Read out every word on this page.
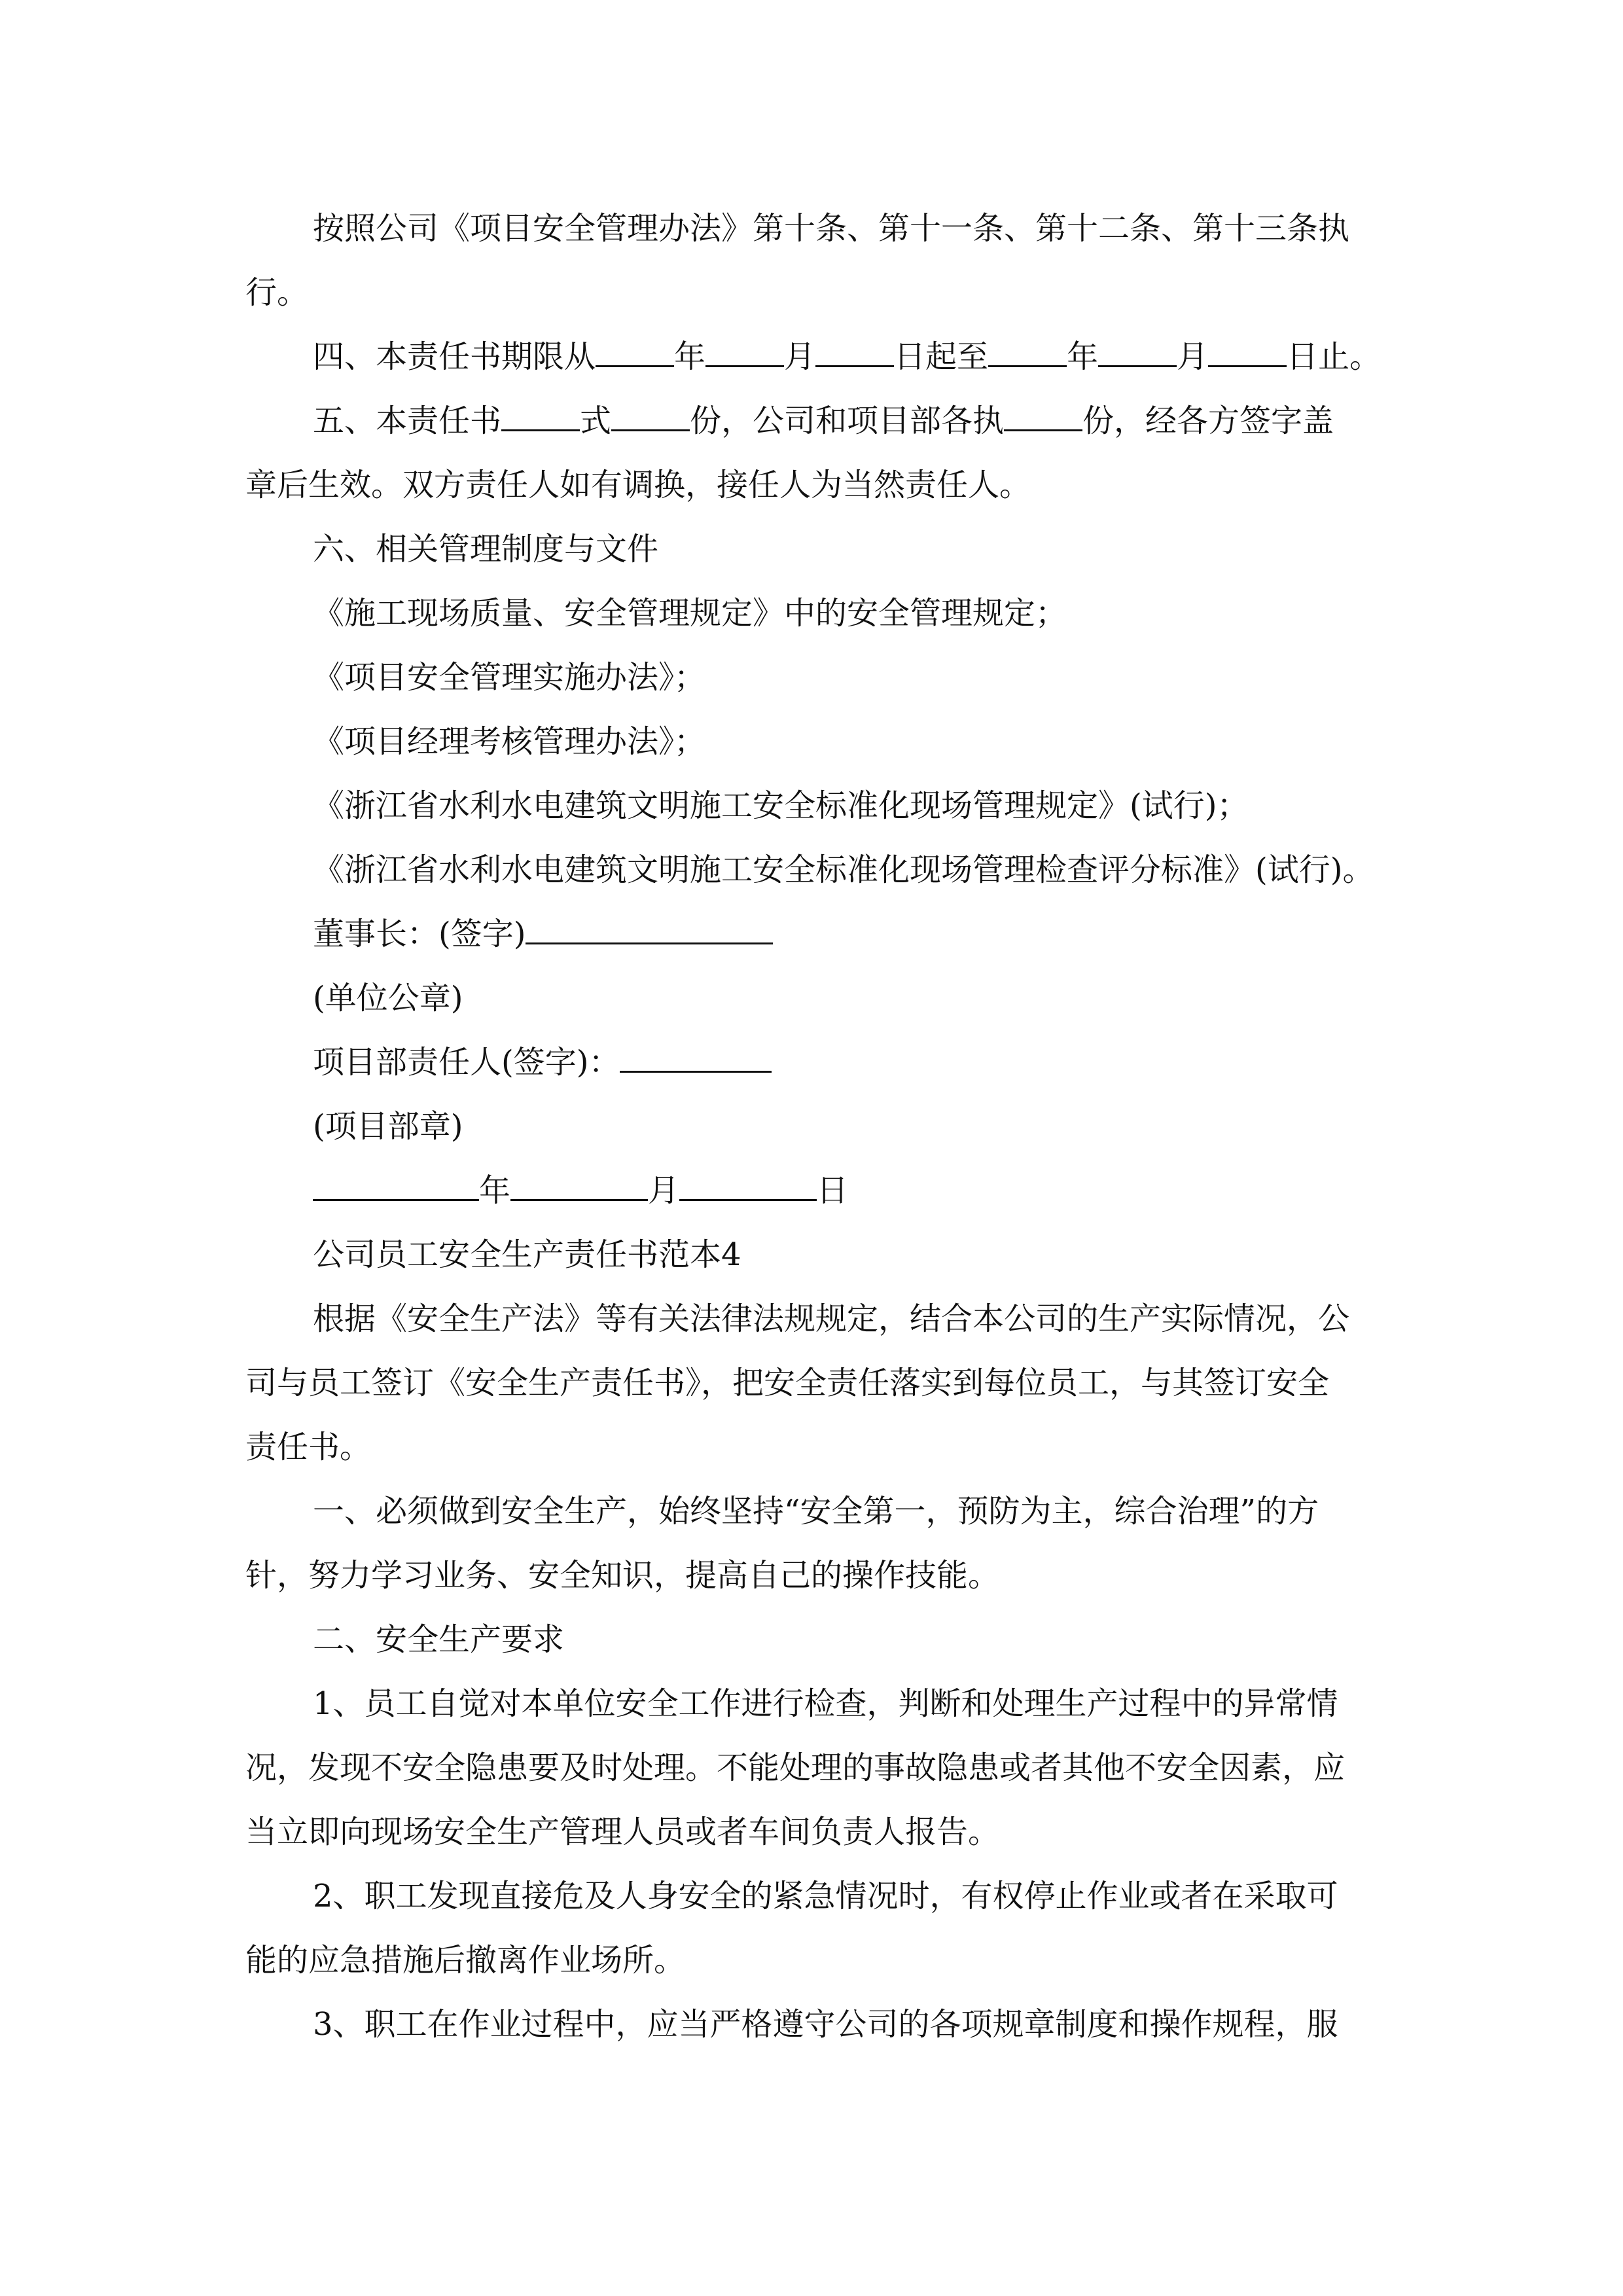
按照公司《项目安全管理办法》第十条、第十一条、第十二条、第十三条执
行。
四、本责任书期限从	年	月	日起至	年	月	日止。
五、本责任书	式	份，公司和项目部各执	份，经各方签字盖
章后生效。双方责任人如有调换，接任人为当然责任人。
六、相关管理制度与文件
《施工现场质量、安全管理规定》中的安全管理规定；
《项目安全管理实施办法》；
《项目经理考核管理办法》；
《浙江省水利水电建筑文明施工安全标准化现场管理规定》(试行)；
《浙江省水利水电建筑文明施工安全标准化现场管理检查评分标准》(试行)。
董事长：(签字)
(单位公章)
项目部责任人(签字)：
(项目部章)
年	月	日
公司员工安全生产责任书范本4
根据《安全生产法》等有关法律法规规定，结合本公司的生产实际情况，公
司与员工签订《安全生产责任书》，把安全责任落实到每位员工，与其签订安全
责任书。
一、必须做到安全生产，始终坚持“安全第一，预防为主，综合治理”的方
针，努力学习业务、安全知识，提高自己的操作技能。
二、安全生产要求
1、员工自觉对本单位安全工作进行检查，判断和处理生产过程中的异常情
况，发现不安全隐患要及时处理。不能处理的事故隐患或者其他不安全因素，应
当立即向现场安全生产管理人员或者车间负责人报告。
2、职工发现直接危及人身安全的紧急情况时，有权停止作业或者在采取可
能的应急措施后撤离作业场所。
3、职工在作业过程中，应当严格遵守公司的各项规章制度和操作规程，服
